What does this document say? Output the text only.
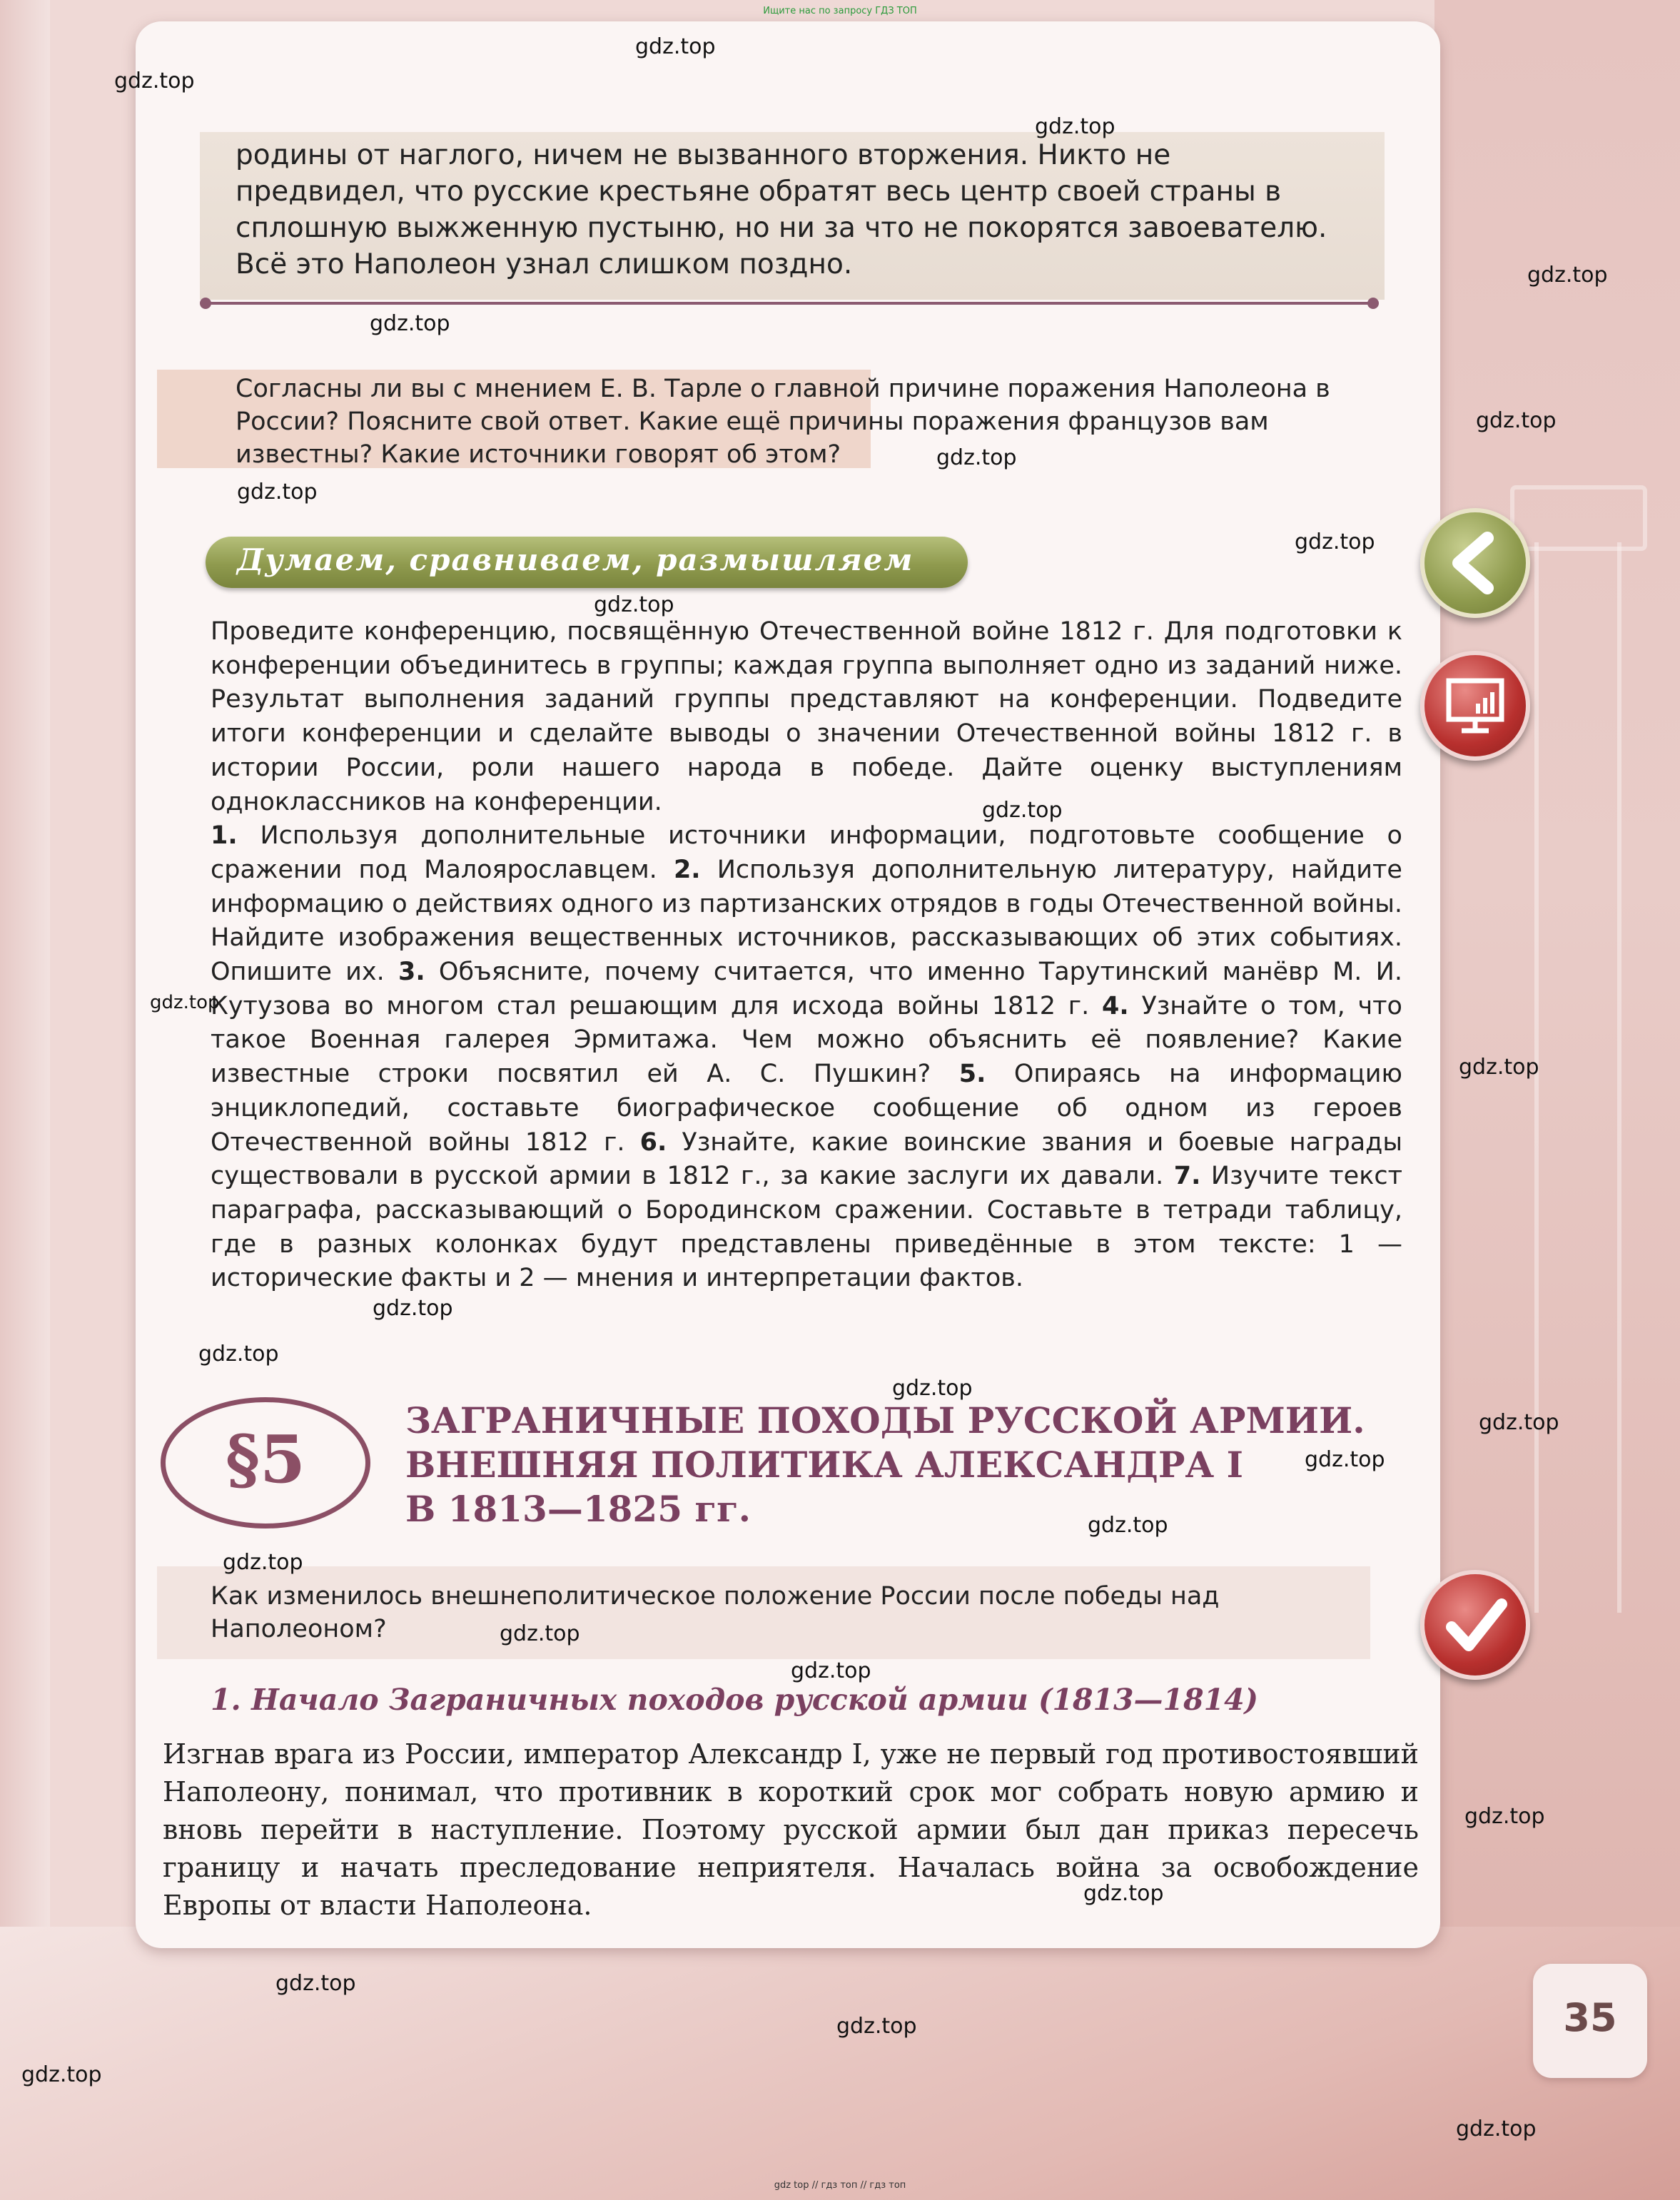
Ищите нас по запросу ГДЗ ТОП
родины от наглого, ничем не вызванного вторжения. Никто не предвидел, что русские крестьяне обратят весь центр своей страны в сплошную выжженную пустыню, но ни за что не покорятся завоевателю. Всё это Наполеон узнал слишком поздно.
Согласны ли вы с мнением Е. В. Тарле о главной причине поражения Наполеона в России? Поясните свой ответ. Какие ещё причины поражения французов вам известны? Какие источники говорят об этом?
Думаем, сравниваем, размышляем
Проведите конференцию, посвящённую Отечественной войне 1812 г. Для подготовки к конференции объединитесь в группы; каждая группа выполняет одно из заданий ниже. Результат выполнения заданий группы представляют на конференции. Подведите итоги конференции и сделайте выводы о значении Отечественной войны 1812 г. в истории России, роли нашего народа в победе. Дайте оценку выступлениям одноклассников на конференции.
1. Используя дополнительные источники информации, подготовьте сообщение о сражении под Малоярославцем. 2. Используя дополнительную литературу, найдите информацию о действиях одного из партизанских отрядов в годы Отечественной войны. Найдите изображения вещественных источников, рассказывающих об этих событиях. Опишите их. 3. Объясните, почему считается, что именно Тарутинский манёвр М. И. Кутузова во многом стал решающим для исхода войны 1812 г. 4. Узнайте о том, что такое Военная галерея Эрмитажа. Чем можно объяснить её появление? Какие известные строки посвятил ей А. С. Пушкин? 5. Опираясь на информацию энциклопедий, составьте биографическое сообщение об одном из героев Отечественной войны 1812 г. 6. Узнайте, какие воинские звания и боевые награды существовали в русской армии в 1812 г., за какие заслуги их давали. 7. Изучите текст параграфа, рассказывающий о Бородинском сражении. Составьте в тетради таблицу, где в разных колонках будут представлены приведённые в этом тексте: 1 — исторические факты и 2 — мнения и интерпретации фактов.
§5
ЗАГРАНИЧНЫЕ ПОХОДЫ РУССКОЙ АРМИИ.
ВНЕШНЯЯ ПОЛИТИКА АЛЕКСАНДРА I
В 1813—1825 гг.
Как изменилось внешнеполитическое положение России после победы над Наполеоном?
1. Начало Заграничных походов русской армии (1813—1814)
Изгнав врага из России, император Александр I, уже не первый год противостоявший Наполеону, понимал, что противник в короткий срок мог собрать новую армию и вновь перейти в наступление. Поэтому русской армии был дан приказ пересечь границу и начать преследование неприятеля. Началась война за освобождение Европы от власти Наполеона.
35
gdz top // гдз топ // гдз топ
gdz.top
gdz.top
gdz.top
gdz.top
gdz.top
gdz.top
gdz.top
gdz.top
gdz.top
gdz.top
gdz.top
gdz.top
gdz.top
gdz.top
gdz.top
gdz.top
gdz.top
gdz.top
gdz.top
gdz.top
gdz.top
gdz.top
gdz.top
gdz.top
gdz.top
gdz.top
gdz.top
gdz.top
